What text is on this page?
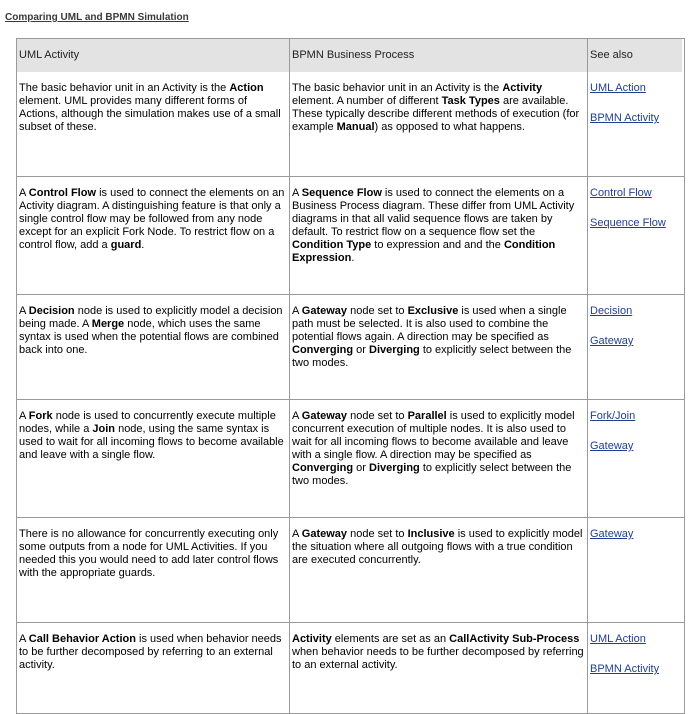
Comparing UML and BPMN Simulation
UML Activity	BPMN Business Process	See also
The basic behavior unit in an Activity is the Action element. UML provides many different forms of Actions, although the simulation makes use of a small subset of these.
The basic behavior unit in an Activity is the Activity element. A number of different Task Types are available. These typically describe different methods of execution (for example Manual) as opposed to what happens.
UML Action
BPMN Activity
A Control Flow is used to connect the elements on an Activity diagram. A distinguishing feature is that only a single control flow may be followed from any node except for an explicit Fork Node. To restrict flow on a control flow, add a guard.
A Sequence Flow is used to connect the elements on a Business Process diagram. These differ from UML Activity diagrams in that all valid sequence flows are taken by default. To restrict flow on a sequence flow set the Condition Type to expression and and the Condition Expression.
Control Flow
Sequence Flow
A Decision node is used to explicitly model a decision being made. A Merge node, which uses the same syntax is used when the potential flows are combined back into one.
A Gateway node set to Exclusive is used when a single path must be selected. It is also used to combine the potential flows again. A direction may be specified as Converging or Diverging to explicitly select between the two modes.
Decision
Gateway
A Fork node is used to concurrently execute multiple nodes, while a Join node, using the same syntax is used to wait for all incoming flows to become available and leave with a single flow.
A Gateway node set to Parallel is used to explicitly model concurrent execution of multiple nodes. It is also used to wait for all incoming flows to become available and leave with a single flow. A direction may be specified as Converging or Diverging to explicitly select between the two modes.
Fork/Join
Gateway
There is no allowance for concurrently executing only some outputs from a node for UML Activities. If you needed this you would need to add later control flows with the appropriate guards.
A Gateway node set to Inclusive is used to explicitly model the situation where all outgoing flows with a true condition are executed concurrently.
Gateway
A Call Behavior Action is used when behavior needs to be further decomposed by referring to an external activity.
Activity elements are set as an CallActivity Sub-Process when behavior needs to be further decomposed by referring to an external activity.
UML Action
BPMN Activity
